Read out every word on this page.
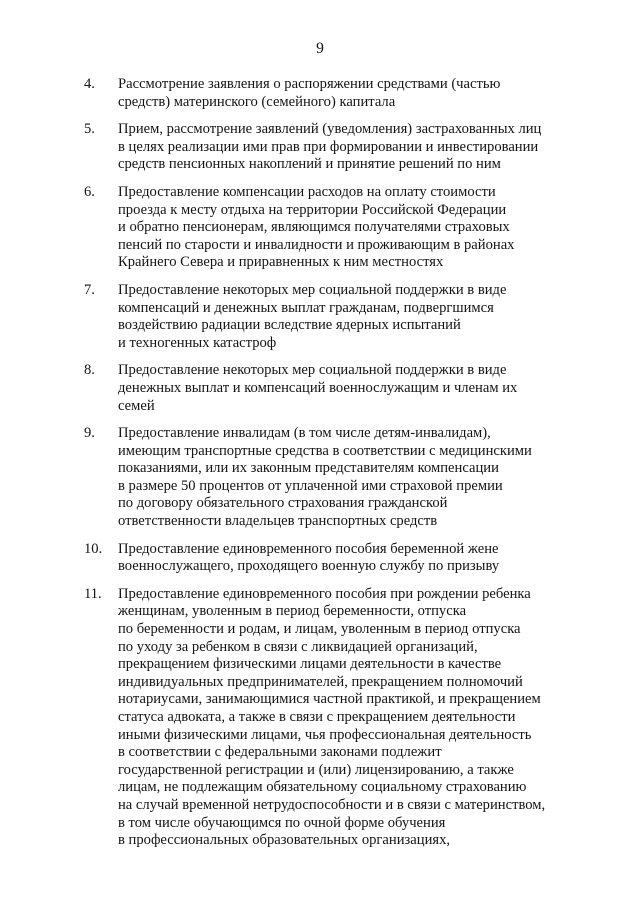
9
4.	Рассмотрение заявления о распоряжении средствами (частью
средств) материнского (семейного) капитала
5.	Прием, рассмотрение заявлений (уведомления) застрахованных лиц
в целях реализации ими прав при формировании и инвестировании
средств пенсионных накоплений и принятие решений по ним
6.	Предоставление компенсации расходов на оплату стоимости
проезда к месту отдыха на территории Российской Федерации
и обратно пенсионерам, являющимся получателями страховых
пенсий по старости и инвалидности и проживающим в районах
Крайнего Севера и приравненных к ним местностях
7.	Предоставление некоторых мер социальной поддержки в виде
компенсаций и денежных выплат гражданам, подвергшимся
воздействию радиации вследствие ядерных испытаний
и техногенных катастроф
8.	Предоставление некоторых мер социальной поддержки в виде
денежных выплат и компенсаций военнослужащим и членам их
семей
9.	Предоставление инвалидам (в том числе детям-инвалидам),
имеющим транспортные средства в соответствии с медицинскими
показаниями, или их законным представителям компенсации
в размере 50 процентов от уплаченной ими страховой премии
по договору обязательного страхования гражданской
ответственности владельцев транспортных средств
10.	Предоставление единовременного пособия беременной жене
военнослужащего, проходящего военную службу по призыву
11.	Предоставление единовременного пособия при рождении ребенка
женщинам, уволенным в период беременности, отпуска
по беременности и родам, и лицам, уволенным в период отпуска
по уходу за ребенком в связи с ликвидацией организаций,
прекращением физическими лицами деятельности в качестве
индивидуальных предпринимателей, прекращением полномочий
нотариусами, занимающимися частной практикой, и прекращением
статуса адвоката, а также в связи с прекращением деятельности
иными физическими лицами, чья профессиональная деятельность
в соответствии с федеральными законами подлежит
государственной регистрации и (или) лицензированию, а также
лицам, не подлежащим обязательному социальному страхованию
на случай временной нетрудоспособности и в связи с материнством,
в том числе обучающимся по очной форме обучения
в профессиональных образовательных организациях,
